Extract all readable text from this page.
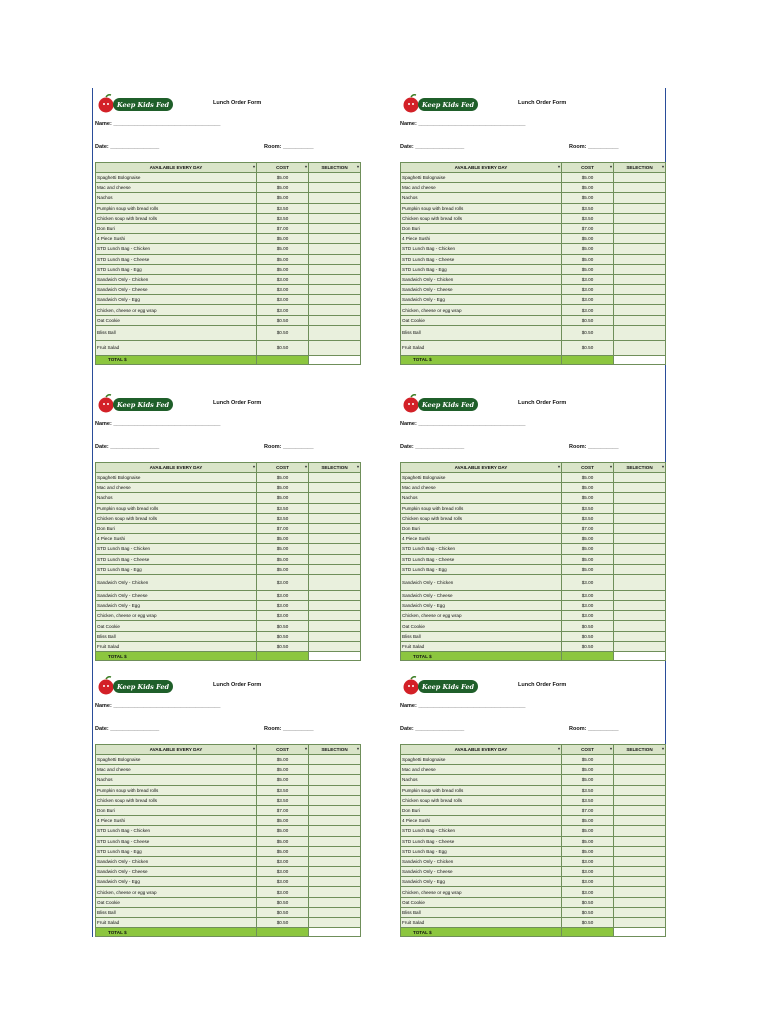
Keep Kids Fed	Lunch Order Form
Name: ___________________________________
Date: ________________	Room: __________
AVAILABLE EVERY DAY ▾	COST ▾	SELECTION ▾

Spaghetti Bolognaise	$5.00	
Mac and cheese	$5.00	
Nachos	$5.00	
Pumpkin soup with bread rolls	$3.50	
Chicken soup with bread rolls	$3.50	
Don Buri	$7.00	
4 Piece Sushi	$5.00	
STD Lunch Bag - Chicken	$5.00	
STD Lunch Bag - Cheese	$5.00	
STD Lunch Bag - Egg	$5.00	
Sandwich Only - Chicken	$3.00	
Sandwich Only - Cheese	$3.00	
Sandwich Only - Egg	$3.00	
Chicken, cheese or egg wrap	$3.00	
Oat Cookie	$0.50	
Bliss Ball	$0.50	
Fruit Salad	$0.50	

TOTAL $		
Keep Kids Fed	Lunch Order Form
Name: ___________________________________
Date: ________________	Room: __________
AVAILABLE EVERY DAY ▾	COST ▾	SELECTION ▾

Spaghetti Bolognaise	$5.00	
Mac and cheese	$5.00	
Nachos	$5.00	
Pumpkin soup with bread rolls	$3.50	
Chicken soup with bread rolls	$3.50	
Don Buri	$7.00	
4 Piece Sushi	$5.00	
STD Lunch Bag - Chicken	$5.00	
STD Lunch Bag - Cheese	$5.00	
STD Lunch Bag - Egg	$5.00	
Sandwich Only - Chicken	$3.00	
Sandwich Only - Cheese	$3.00	
Sandwich Only - Egg	$3.00	
Chicken, cheese or egg wrap	$3.00	
Oat Cookie	$0.50	
Bliss Ball	$0.50	
Fruit Salad	$0.50	

TOTAL $		
Keep Kids Fed	Lunch Order Form
Name: ___________________________________
Date: ________________	Room: __________
AVAILABLE EVERY DAY ▾	COST ▾	SELECTION ▾

Spaghetti Bolognaise	$5.00	
Mac and cheese	$5.00	
Nachos	$5.00	
Pumpkin soup with bread rolls	$3.50	
Chicken soup with bread rolls	$3.50	
Don Buri	$7.00	
4 Piece Sushi	$5.00	
STD Lunch Bag - Chicken	$5.00	
STD Lunch Bag - Cheese	$5.00	
STD Lunch Bag - Egg	$5.00	
Sandwich Only - Chicken	$3.00	
Sandwich Only - Cheese	$3.00	
Sandwich Only - Egg	$3.00	
Chicken, cheese or egg wrap	$3.00	
Oat Cookie	$0.50	
Bliss Ball	$0.50	
Fruit Salad	$0.50	

TOTAL $		
Keep Kids Fed	Lunch Order Form
Name: ___________________________________
Date: ________________	Room: __________
AVAILABLE EVERY DAY ▾	COST ▾	SELECTION ▾

Spaghetti Bolognaise	$5.00	
Mac and cheese	$5.00	
Nachos	$5.00	
Pumpkin soup with bread rolls	$3.50	
Chicken soup with bread rolls	$3.50	
Don Buri	$7.00	
4 Piece Sushi	$5.00	
STD Lunch Bag - Chicken	$5.00	
STD Lunch Bag - Cheese	$5.00	
STD Lunch Bag - Egg	$5.00	
Sandwich Only - Chicken	$3.00	
Sandwich Only - Cheese	$3.00	
Sandwich Only - Egg	$3.00	
Chicken, cheese or egg wrap	$3.00	
Oat Cookie	$0.50	
Bliss Ball	$0.50	
Fruit Salad	$0.50	

TOTAL $		
Keep Kids Fed	Lunch Order Form
Name: ___________________________________
Date: ________________	Room: __________
AVAILABLE EVERY DAY ▾	COST ▾	SELECTION ▾

Spaghetti Bolognaise	$5.00	
Mac and cheese	$5.00	
Nachos	$5.00	
Pumpkin soup with bread rolls	$3.50	
Chicken soup with bread rolls	$3.50	
Don Buri	$7.00	
4 Piece Sushi	$5.00	
STD Lunch Bag - Chicken	$5.00	
STD Lunch Bag - Cheese	$5.00	
STD Lunch Bag - Egg	$5.00	
Sandwich Only - Chicken	$3.00	
Sandwich Only - Cheese	$3.00	
Sandwich Only - Egg	$3.00	
Chicken, cheese or egg wrap	$3.00	
Oat Cookie	$0.50	
Bliss Ball	$0.50	
Fruit Salad	$0.50	

TOTAL $		
Keep Kids Fed	Lunch Order Form
Name: ___________________________________
Date: ________________	Room: __________
AVAILABLE EVERY DAY ▾	COST ▾	SELECTION ▾

Spaghetti Bolognaise	$5.00	
Mac and cheese	$5.00	
Nachos	$5.00	
Pumpkin soup with bread rolls	$3.50	
Chicken soup with bread rolls	$3.50	
Don Buri	$7.00	
4 Piece Sushi	$5.00	
STD Lunch Bag - Chicken	$5.00	
STD Lunch Bag - Cheese	$5.00	
STD Lunch Bag - Egg	$5.00	
Sandwich Only - Chicken	$3.00	
Sandwich Only - Cheese	$3.00	
Sandwich Only - Egg	$3.00	
Chicken, cheese or egg wrap	$3.00	
Oat Cookie	$0.50	
Bliss Ball	$0.50	
Fruit Salad	$0.50	

TOTAL $		
